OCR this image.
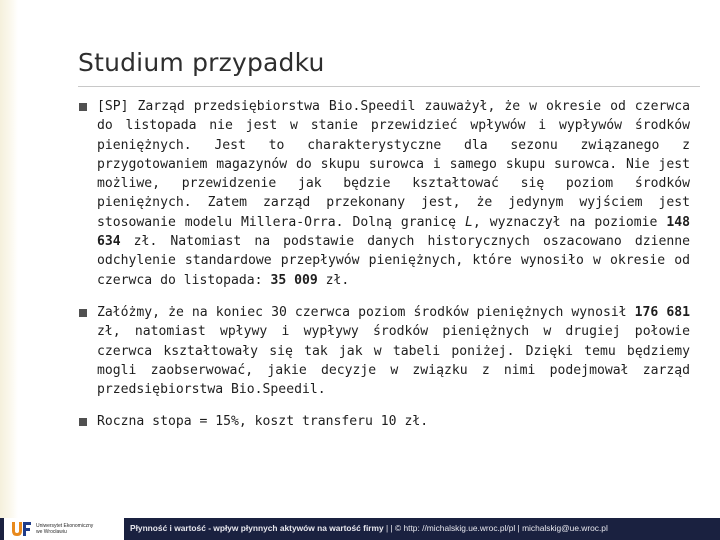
Studium przypadku
[SP] Zarząd przedsiębiorstwa Bio.Speedil zauważył, że w okresie od czerwca do listopada nie jest w stanie przewidzieć wpływów i wypływów środków pieniężnych. Jest to charakterystyczne dla sezonu związanego z przygotowaniem magazynów do skupu surowca i samego skupu surowca. Nie jest możliwe, przewidzenie jak będzie kształtować się poziom środków pieniężnych. Zatem zarząd przekonany jest, że jedynym wyjściem jest stosowanie modelu Millera-Orra. Dolną granicę L, wyznaczył na poziomie 148 634 zł. Natomiast na podstawie danych historycznych oszacowano dzienne odchylenie standardowe przepływów pieniężnych, które wynosiło w okresie od czerwca do listopada: 35 009 zł.
Załóżmy, że na koniec 30 czerwca poziom środków pieniężnych wynosił 176 681 zł, natomiast wpływy i wypływy środków pieniężnych w drugiej połowie czerwca kształtowały się tak jak w tabeli poniżej. Dzięki temu będziemy mogli zaobserwować, jakie decyzje w związku z nimi podejmował zarząd przedsiębiorstwa Bio.Speedil.
Roczna stopa = 15%, koszt transferu 10 zł.
Uniwersytet Ekonomiczny
we Wrocławiu	Płynność i wartość - wpływ płynnych aktywów na wartość firmy | | © http: //michalskig.ue.wroc.pl/pl | michalskig@ue.wroc.pl
